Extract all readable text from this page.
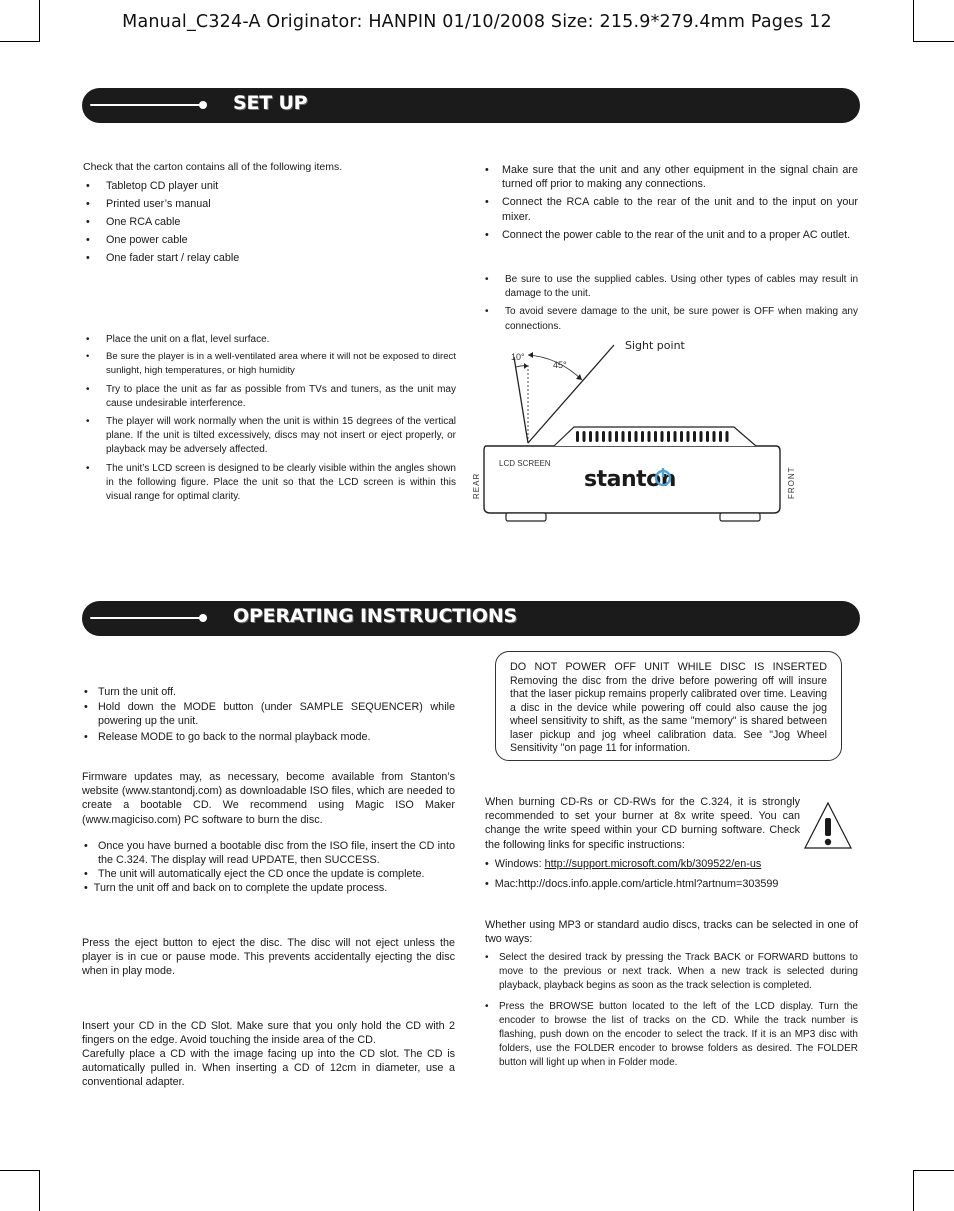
Manual_C324-A Originator: HANPIN 01/10/2008 Size: 215.9*279.4mm Pages 12
SET UP
Check that the carton contains all of the following items.
• Tabletop CD player unit
• Printed user’s manual
• One RCA cable
• One power cable
• One fader start / relay cable
• Place the unit on a flat, level surface.
• Be sure the player is in a well-ventilated area where it will not be exposed to direct sunlight, high temperatures, or high humidity
• Try to place the unit as far as possible from TVs and tuners, as the unit may cause undesirable interference.
• The player will work normally when the unit is within 15 degrees of the vertical plane. If the unit is tilted excessively, discs may not insert or eject properly, or playback may be adversely affected.
• The unit’s LCD screen is designed to be clearly visible within the angles shown in the following figure. Place the unit so that the LCD screen is within this visual range for optimal clarity.
• Make sure that the unit and any other equipment in the signal chain are turned off prior to making any connections.
• Connect the RCA cable to the rear of the unit and to the input on your mixer.
• Connect the power cable to the rear of the unit and to a proper AC outlet.
• Be sure to use the supplied cables. Using other types of cables may result in damage to the unit.
• To avoid severe damage to the unit, be sure power is OFF when making any connections.
10°
45°
Sight point
LCD SCREEN
stanton
REAR	FRONT
OPERATING INSTRUCTIONS
• Turn the unit off.
• Hold down the MODE button (under SAMPLE SEQUENCER) while powering up the unit.
• Release MODE to go back to the normal playback mode.
Firmware updates may, as necessary, become available from Stanton’s website (www.stantondj.com) as downloadable ISO files, which are needed to create a bootable CD. We recommend using Magic ISO Maker (www.magiciso.com) PC software to burn the disc.
• Once you have burned a bootable disc from the ISO file, insert the CD into the C.324. The display will read UPDATE, then SUCCESS.
• The unit will automatically eject the CD once the update is complete.
•  Turn the unit off and back on to complete the update process.
Press the eject button to eject the disc. The disc will not eject unless the player is in cue or pause mode. This prevents accidentally ejecting the disc when in play mode.
Insert your CD in the CD Slot. Make sure that you only hold the CD with 2 fingers on the edge. Avoid touching the inside area of the CD.
Carefully place a CD with the image facing up into the CD slot. The CD is automatically pulled in. When inserting a CD of 12cm in diameter, use a conventional adapter.
DO NOT POWER OFF UNIT WHILE DISC IS INSERTED
Removing the disc from the drive before powering off will insure that the laser pickup remains properly calibrated over time. Leaving a disc in the device while powering off could also cause the jog wheel sensitivity to shift, as the same "memory" is shared between laser pickup and jog wheel calibration data. See "Jog Wheel Sensitivity "on page 11 for information.
When burning CD-Rs or CD-RWs for the C.324, it is strongly recommended to set your burner at 8x write speed. You can change the write speed within your CD burning software. Check the following links for specific instructions:
•  Windows: http://support.microsoft.com/kb/309522/en-us
•  Mac:http://docs.info.apple.com/article.html?artnum=303599
Whether using MP3 or standard audio discs, tracks can be selected in one of two ways:
• Select the desired track by pressing the Track BACK or FORWARD buttons to move to the previous or next track. When a new track is selected during playback, playback begins as soon as the track selection is completed.
• Press the BROWSE button located to the left of the LCD display. Turn the encoder to browse the list of tracks on the CD. While the track number is flashing, push down on the encoder to select the track. If it is an MP3 disc with folders, use the FOLDER encoder to browse folders as desired. The FOLDER button will light up when in Folder mode.
